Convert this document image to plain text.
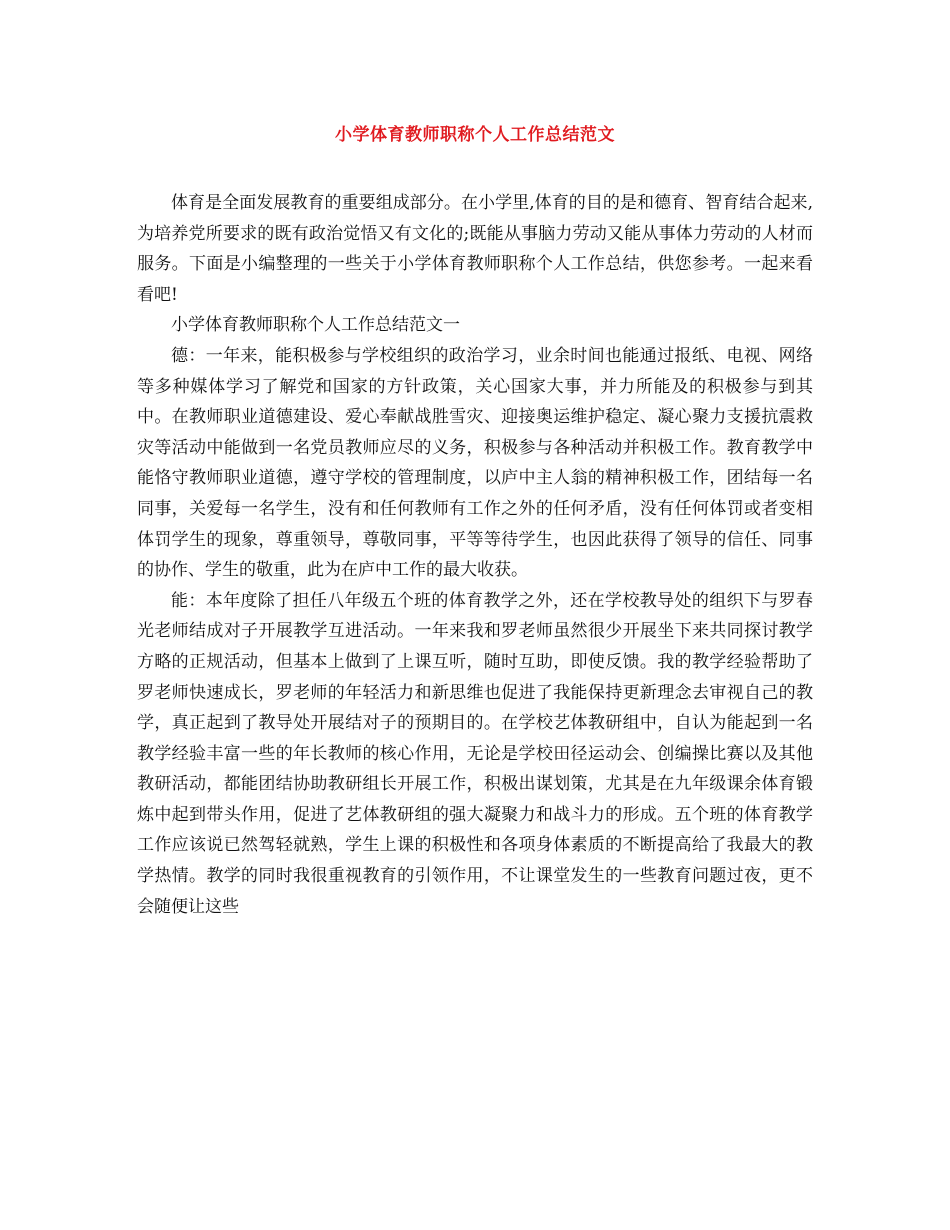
小学体育教师职称个人工作总结范文

体育是全面发展教育的重要组成部分。在小学里,体育的目的是和德育、智育结合起来,为培养党所要求的既有政治觉悟又有文化的;既能从事脑力劳动又能从事体力劳动的人材而服务。下面是小编整理的一些关于小学体育教师职称个人工作总结，供您参考。一起来看看吧!

小学体育教师职称个人工作总结范文一

德：一年来，能积极参与学校组织的政治学习，业余时间也能通过报纸、电视、网络等多种媒体学习了解党和国家的方针政策，关心国家大事，并力所能及的积极参与到其中。在教师职业道德建设、爱心奉献战胜雪灾、迎接奥运维护稳定、凝心聚力支援抗震救灾等活动中能做到一名党员教师应尽的义务，积极参与各种活动并积极工作。教育教学中能恪守教师职业道德，遵守学校的管理制度，以庐中主人翁的精神积极工作，团结每一名同事，关爱每一名学生，没有和任何教师有工作之外的任何矛盾，没有任何体罚或者变相体罚学生的现象，尊重领导，尊敬同事，平等等待学生，也因此获得了领导的信任、同事的协作、学生的敬重，此为在庐中工作的最大收获。

能：本年度除了担任八年级五个班的体育教学之外，还在学校教导处的组织下与罗春光老师结成对子开展教学互进活动。一年来我和罗老师虽然很少开展坐下来共同探讨教学方略的正规活动，但基本上做到了上课互听，随时互助，即使反馈。我的教学经验帮助了罗老师快速成长，罗老师的年轻活力和新思维也促进了我能保持更新理念去审视自己的教学，真正起到了教导处开展结对子的预期目的。在学校艺体教研组中，自认为能起到一名教学经验丰富一些的年长教师的核心作用，无论是学校田径运动会、创编操比赛以及其他教研活动，都能团结协助教研组长开展工作，积极出谋划策，尤其是在九年级课余体育锻炼中起到带头作用，促进了艺体教研组的强大凝聚力和战斗力的形成。五个班的体育教学工作应该说已然驾轻就熟，学生上课的积极性和各项身体素质的不断提高给了我最大的教学热情。教学的同时我很重视教育的引领作用，不让课堂发生的一些教育问题过夜，更不会随便让这些
